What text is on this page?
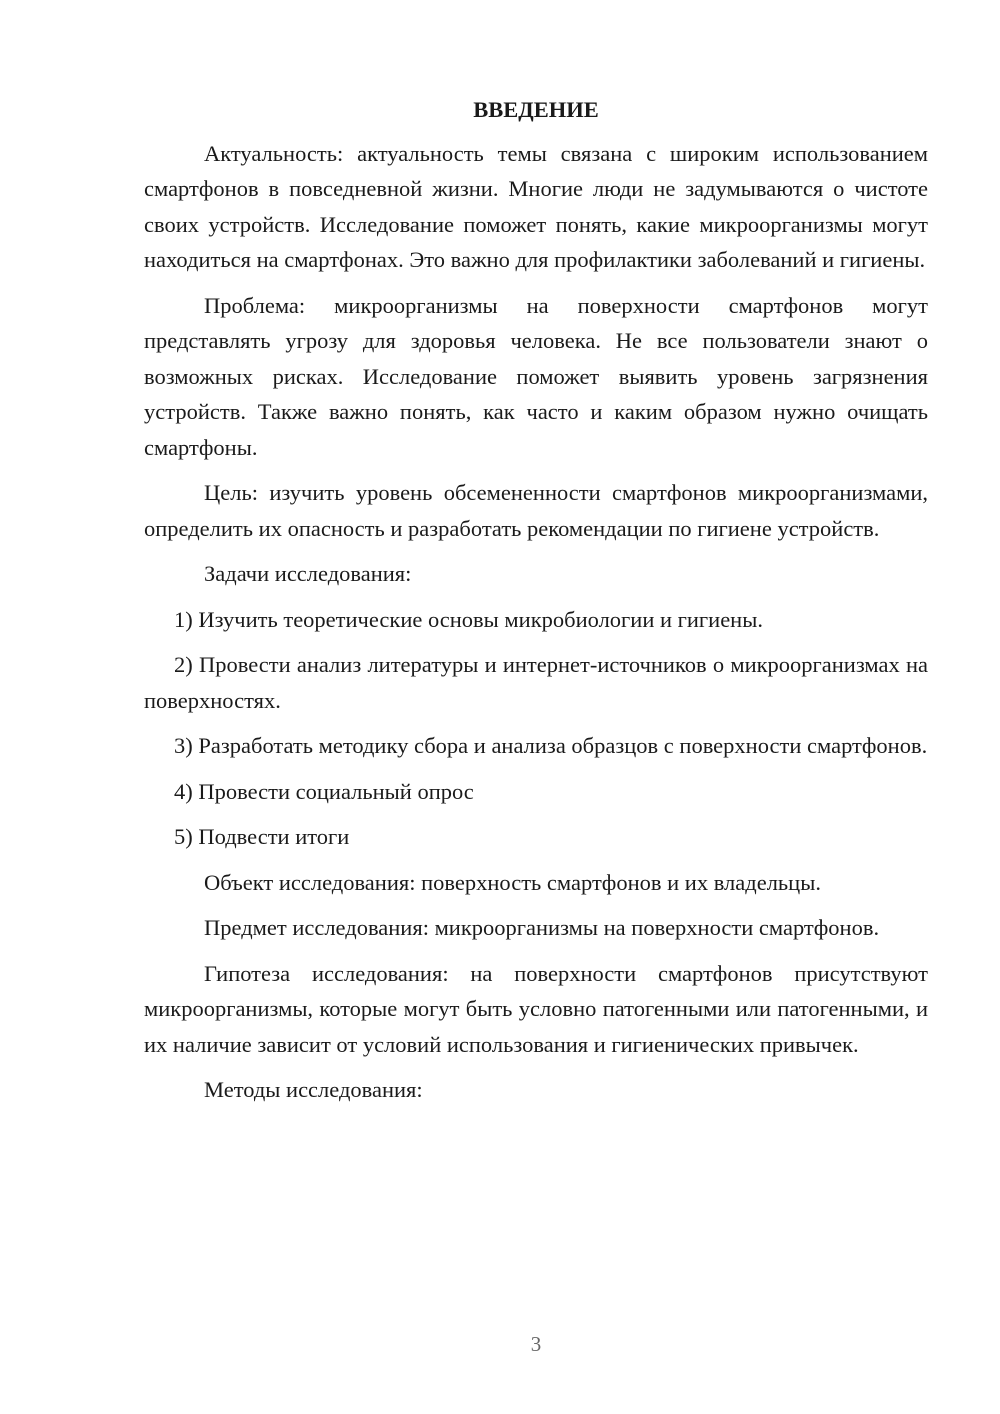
ВВЕДЕНИЕ

Актуальность: актуальность темы связана с широким использованием смартфонов в повседневной жизни. Многие люди не задумываются о чистоте своих устройств. Исследование поможет понять, какие микроорганизмы могут находиться на смартфонах. Это важно для профилактики заболеваний и гигиены.

Проблема: микроорганизмы на поверхности смартфонов могут представлять угрозу для здоровья человека. Не все пользователи знают о возможных рисках. Исследование поможет выявить уровень загрязнения устройств. Также важно понять, как часто и каким образом нужно очищать смартфоны.

Цель: изучить уровень обсемененности смартфонов микроорганизмами, определить их опасность и разработать рекомендации по гигиене устройств.

Задачи исследования:

1) Изучить теоретические основы микробиологии и гигиены.

2) Провести анализ литературы и интернет-источников о микроорганизмах на поверхностях.

3) Разработать методику сбора и анализа образцов с поверхности смартфонов.

4) Провести социальный опрос

5) Подвести итоги

Объект исследования: поверхность смартфонов и их владельцы.

Предмет исследования: микроорганизмы на поверхности смартфонов.

Гипотеза исследования: на поверхности смартфонов присутствуют микроорганизмы, которые могут быть условно патогенными или патогенными, и их наличие зависит от условий использования и гигиенических привычек.

Методы исследования:

3
